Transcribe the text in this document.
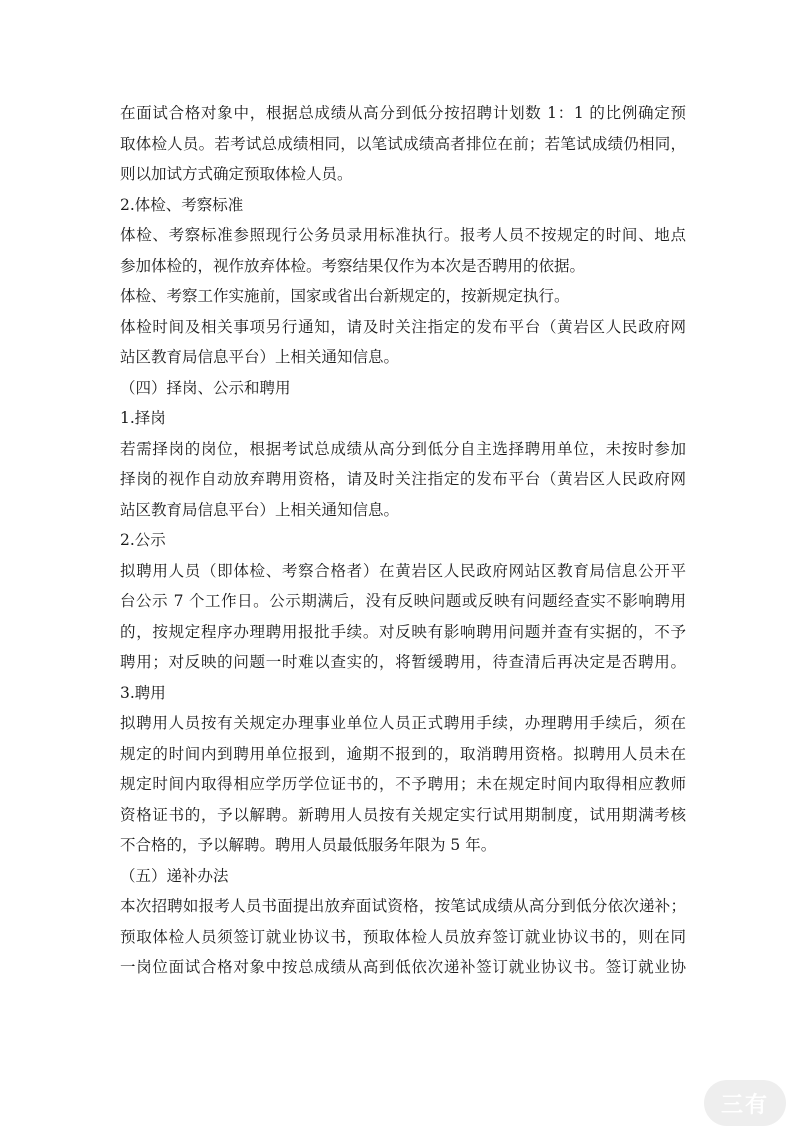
在面试合格对象中，根据总成绩从高分到低分按招聘计划数 1：1 的比例确定预

取体检人员。若考试总成绩相同，以笔试成绩高者排位在前；若笔试成绩仍相同，

则以加试方式确定预取体检人员。

2.体检、考察标准

体检、考察标准参照现行公务员录用标准执行。报考人员不按规定的时间、地点

参加体检的，视作放弃体检。考察结果仅作为本次是否聘用的依据。

体检、考察工作实施前，国家或省出台新规定的，按新规定执行。

体检时间及相关事项另行通知，请及时关注指定的发布平台（黄岩区人民政府网

站区教育局信息平台）上相关通知信息。

（四）择岗、公示和聘用

1.择岗

若需择岗的岗位，根据考试总成绩从高分到低分自主选择聘用单位，未按时参加

择岗的视作自动放弃聘用资格，请及时关注指定的发布平台（黄岩区人民政府网

站区教育局信息平台）上相关通知信息。

2.公示

拟聘用人员（即体检、考察合格者）在黄岩区人民政府网站区教育局信息公开平

台公示 7 个工作日。公示期满后，没有反映问题或反映有问题经查实不影响聘用

的，按规定程序办理聘用报批手续。对反映有影响聘用问题并查有实据的，不予

聘用；对反映的问题一时难以查实的，将暂缓聘用，待查清后再决定是否聘用。

3.聘用

拟聘用人员按有关规定办理事业单位人员正式聘用手续，办理聘用手续后，须在

规定的时间内到聘用单位报到，逾期不报到的，取消聘用资格。拟聘用人员未在

规定时间内取得相应学历学位证书的，不予聘用；未在规定时间内取得相应教师

资格证书的，予以解聘。新聘用人员按有关规定实行试用期制度，试用期满考核

不合格的，予以解聘。聘用人员最低服务年限为 5 年。

（五）递补办法

本次招聘如报考人员书面提出放弃面试资格，按笔试成绩从高分到低分依次递补；

预取体检人员须签订就业协议书，预取体检人员放弃签订就业协议书的，则在同

一岗位面试合格对象中按总成绩从高到低依次递补签订就业协议书。签订就业协

三有
